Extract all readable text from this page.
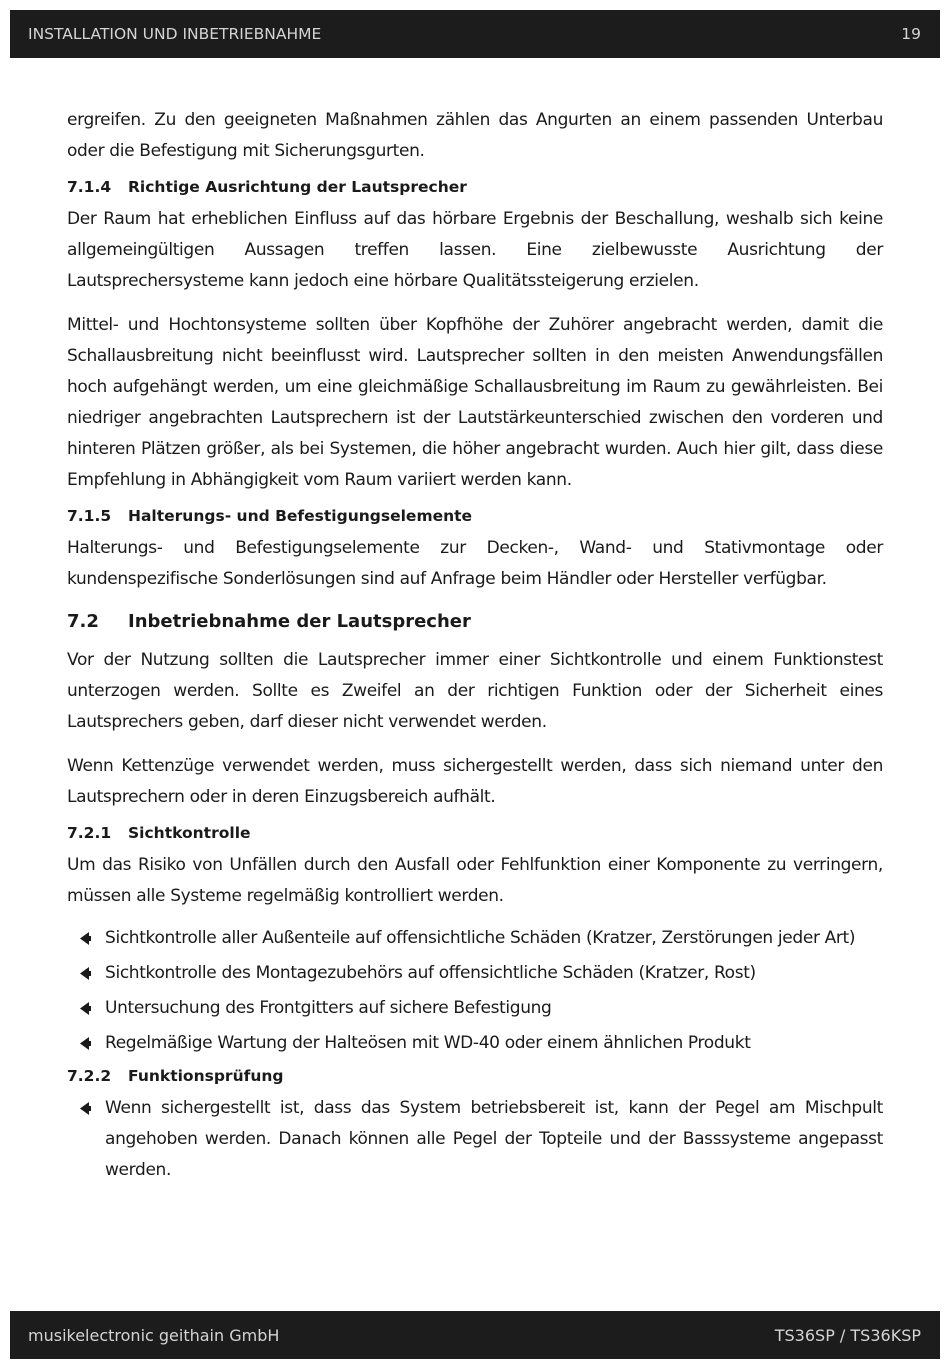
INSTALLATION UND INBETRIEBNAHME	19

ergreifen. Zu den geeigneten Maßnahmen zählen das Angurten an einem passenden Unterbau oder die Befestigung mit Sicherungsgurten.

7.1.4	Richtige Ausrichtung der Lautsprecher

Der Raum hat erheblichen Einfluss auf das hörbare Ergebnis der Beschallung, weshalb sich keine allgemeingültigen Aussagen treffen lassen. Eine zielbewusste Ausrichtung der Lautsprechersysteme kann jedoch eine hörbare Qualitätssteigerung erzielen.

Mittel- und Hochtonsysteme sollten über Kopfhöhe der Zuhörer angebracht werden, damit die Schallausbreitung nicht beeinflusst wird. Lautsprecher sollten in den meisten Anwendungsfällen hoch aufgehängt werden, um eine gleichmäßige Schallausbreitung im Raum zu gewährleisten. Bei niedriger angebrachten Lautsprechern ist der Lautstärkeunterschied zwischen den vorderen und hinteren Plätzen größer, als bei Systemen, die höher angebracht wurden. Auch hier gilt, dass diese Empfehlung in Abhängigkeit vom Raum variiert werden kann.

7.1.5	Halterungs- und Befestigungselemente

Halterungs- und Befestigungselemente zur Decken-, Wand- und Stativmontage oder kundenspezifische Sonderlösungen sind auf Anfrage beim Händler oder Hersteller verfügbar.

7.2	Inbetriebnahme der Lautsprecher

Vor der Nutzung sollten die Lautsprecher immer einer Sichtkontrolle und einem Funktionstest unterzogen werden. Sollte es Zweifel an der richtigen Funktion oder der Sicherheit eines Lautsprechers geben, darf dieser nicht verwendet werden.

Wenn Kettenzüge verwendet werden, muss sichergestellt werden, dass sich niemand unter den Lautsprechern oder in deren Einzugsbereich aufhält.

7.2.1	Sichtkontrolle

Um das Risiko von Unfällen durch den Ausfall oder Fehlfunktion einer Komponente zu verringern, müssen alle Systeme regelmäßig kontrolliert werden.

Sichtkontrolle aller Außenteile auf offensichtliche Schäden (Kratzer, Zerstörungen jeder Art)
Sichtkontrolle des Montagezubehörs auf offensichtliche Schäden (Kratzer, Rost)
Untersuchung des Frontgitters auf sichere Befestigung
Regelmäßige Wartung der Halteösen mit WD-40 oder einem ähnlichen Produkt
7.2.2	Funktionsprüfung
Wenn sichergestellt ist, dass das System betriebsbereit ist, kann der Pegel am Mischpult angehoben werden. Danach können alle Pegel der Topteile und der Basssysteme angepasst werden.
musikelectronic geithain GmbH	TS36SP / TS36KSP
